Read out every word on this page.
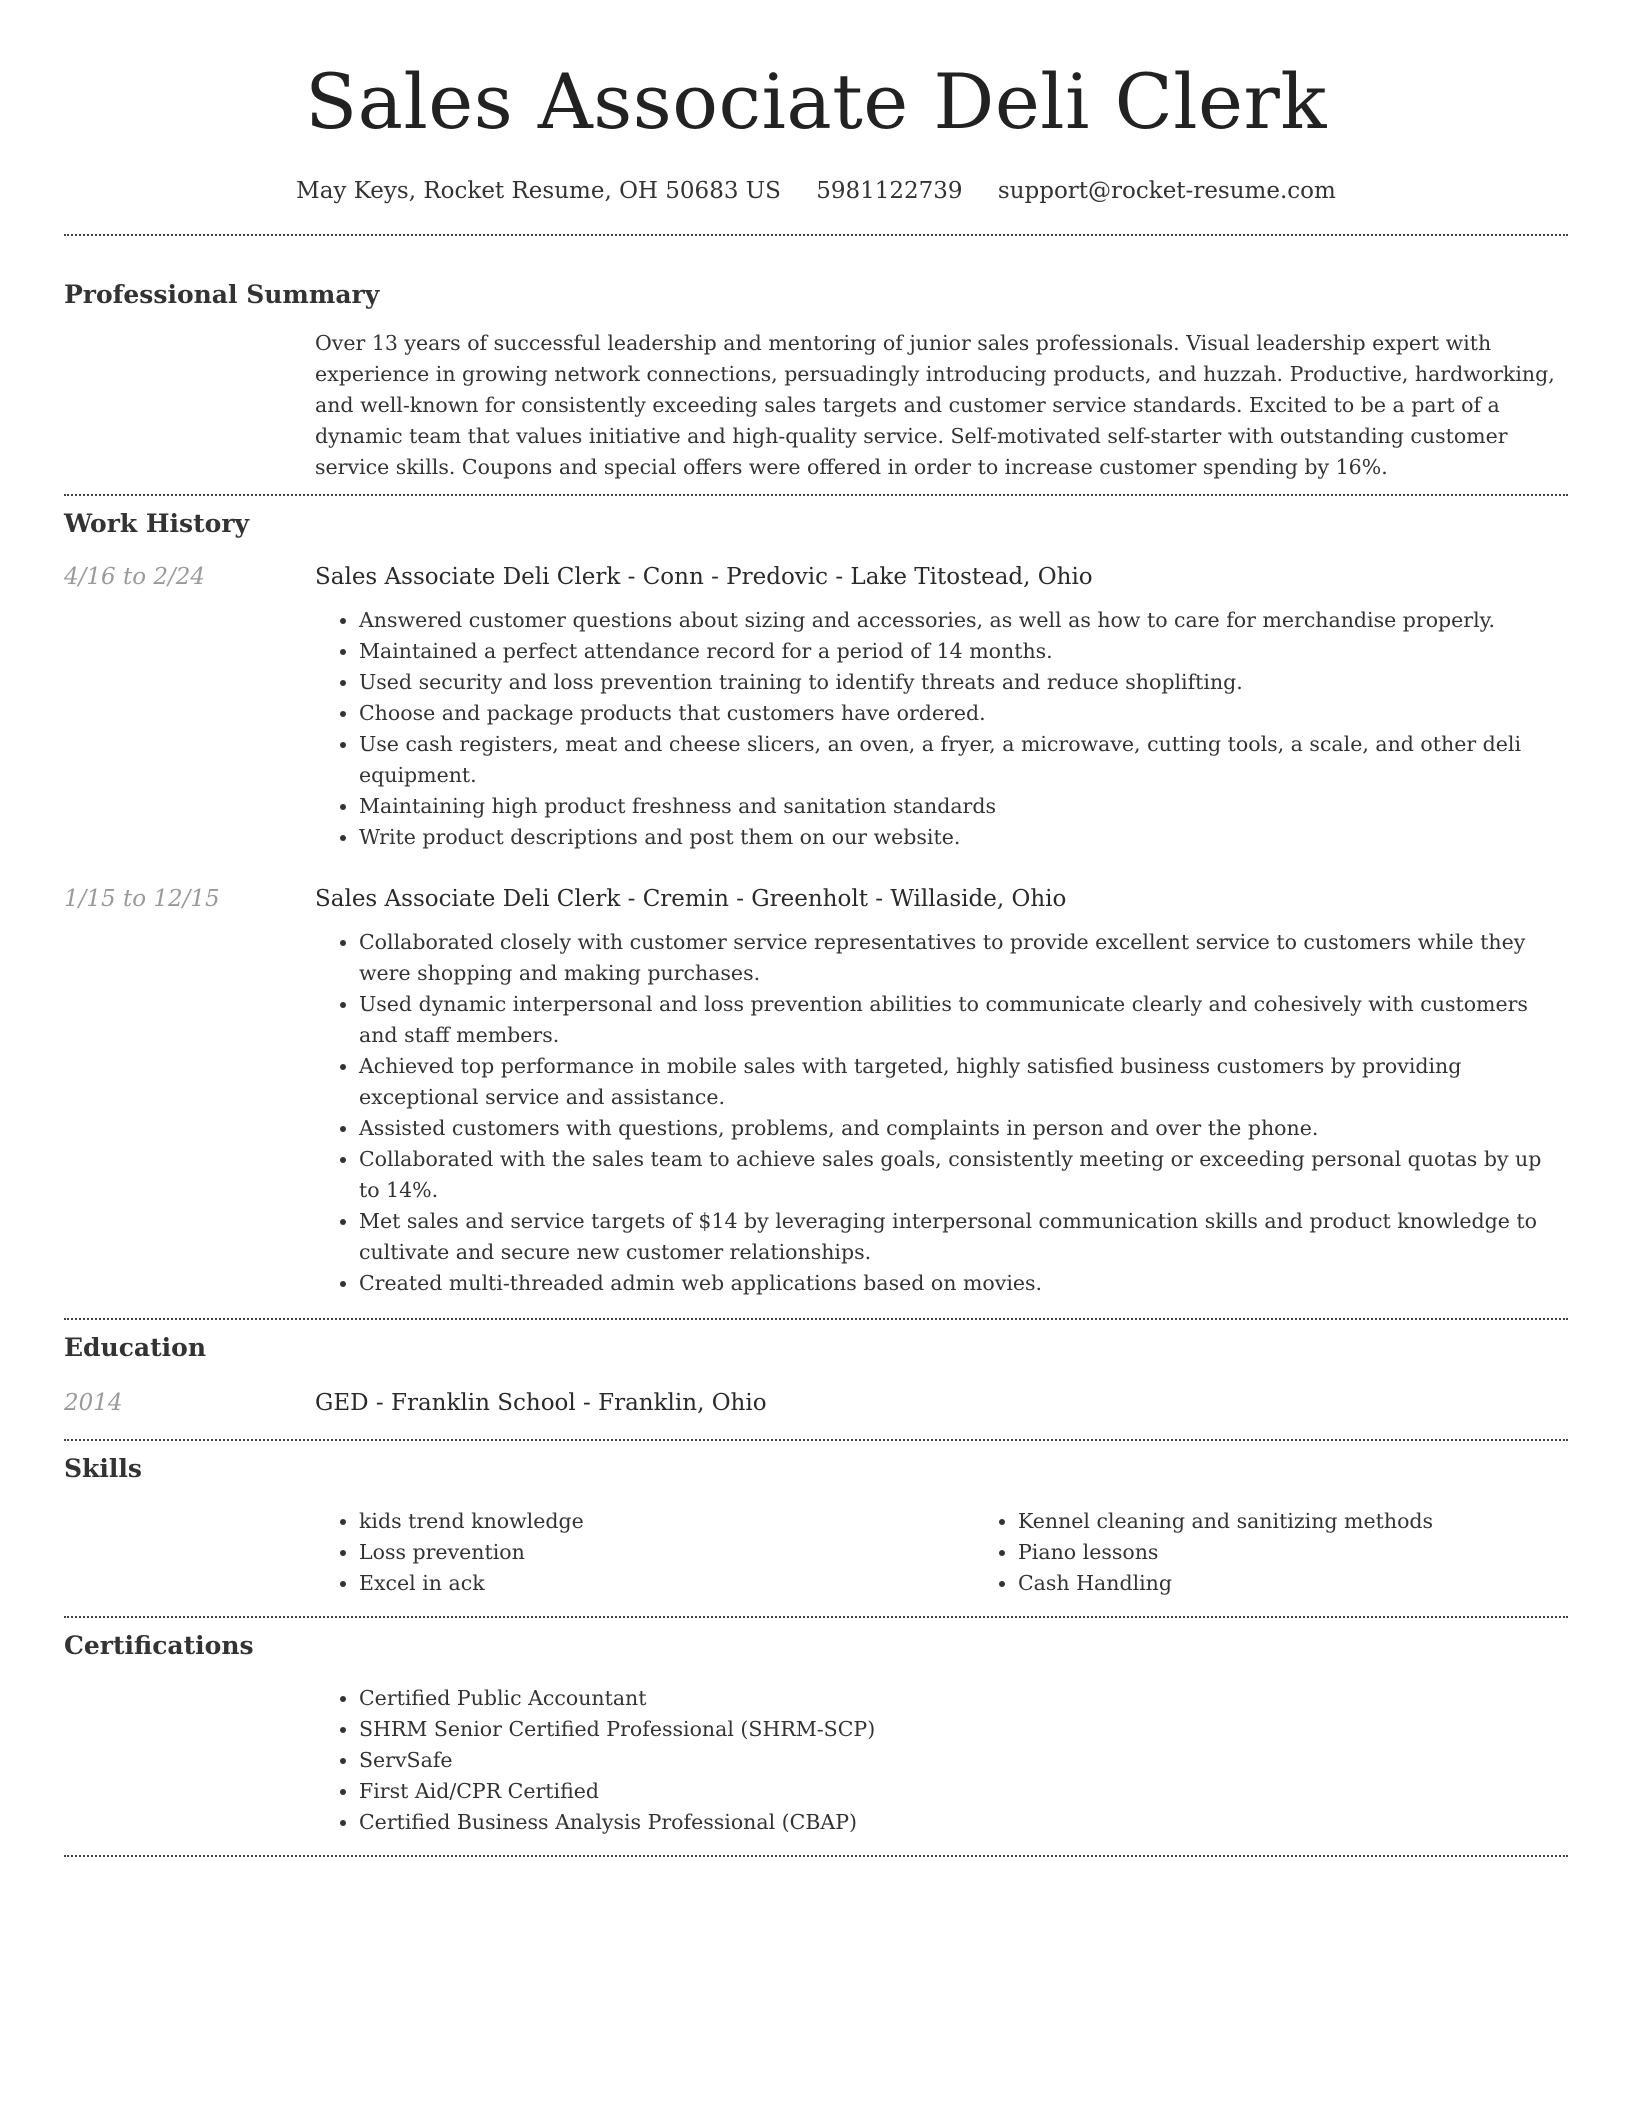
Sales Associate Deli Clerk
May Keys, Rocket Resume, OH 50683 US 5981122739 support@rocket-resume.com
Professional Summary

Over 13 years of successful leadership and mentoring of junior sales professionals. Visual leadership expert with experience in growing network connections, persuadingly introducing products, and huzzah. Productive, hardworking, and well-known for consistently exceeding sales targets and customer service standards. Excited to be a part of a dynamic team that values initiative and high-quality service. Self-motivated self-starter with outstanding customer service skills. Coupons and special offers were offered in order to increase customer spending by 16%.

Work History
4/16 to 2/24	Sales Associate Deli Clerk - Conn - Predovic - Lake Titostead, Ohio
• Answered customer questions about sizing and accessories, as well as how to care for merchandise properly.
• Maintained a perfect attendance record for a period of 14 months.
• Used security and loss prevention training to identify threats and reduce shoplifting.
• Choose and package products that customers have ordered.
• Use cash registers, meat and cheese slicers, an oven, a fryer, a microwave, cutting tools, a scale, and other deli equipment.
• Maintaining high product freshness and sanitation standards
• Write product descriptions and post them on our website.
1/15 to 12/15	Sales Associate Deli Clerk - Cremin - Greenholt - Willaside, Ohio
• Collaborated closely with customer service representatives to provide excellent service to customers while they were shopping and making purchases.
• Used dynamic interpersonal and loss prevention abilities to communicate clearly and cohesively with customers and staff members.
• Achieved top performance in mobile sales with targeted, highly satisfied business customers by providing exceptional service and assistance.
• Assisted customers with questions, problems, and complaints in person and over the phone.
• Collaborated with the sales team to achieve sales goals, consistently meeting or exceeding personal quotas by up to 14%.
• Met sales and service targets of $14 by leveraging interpersonal communication skills and product knowledge to cultivate and secure new customer relationships.
• Created multi-threaded admin web applications based on movies.
Education
2014	GED - Franklin School - Franklin, Ohio
Skills
• kids trend knowledge
• Loss prevention
• Excel in ack
• Kennel cleaning and sanitizing methods
• Piano lessons
• Cash Handling
Certifications
• Certified Public Accountant
• SHRM Senior Certified Professional (SHRM-SCP)
• ServSafe
• First Aid/CPR Certified
• Certified Business Analysis Professional (CBAP)
